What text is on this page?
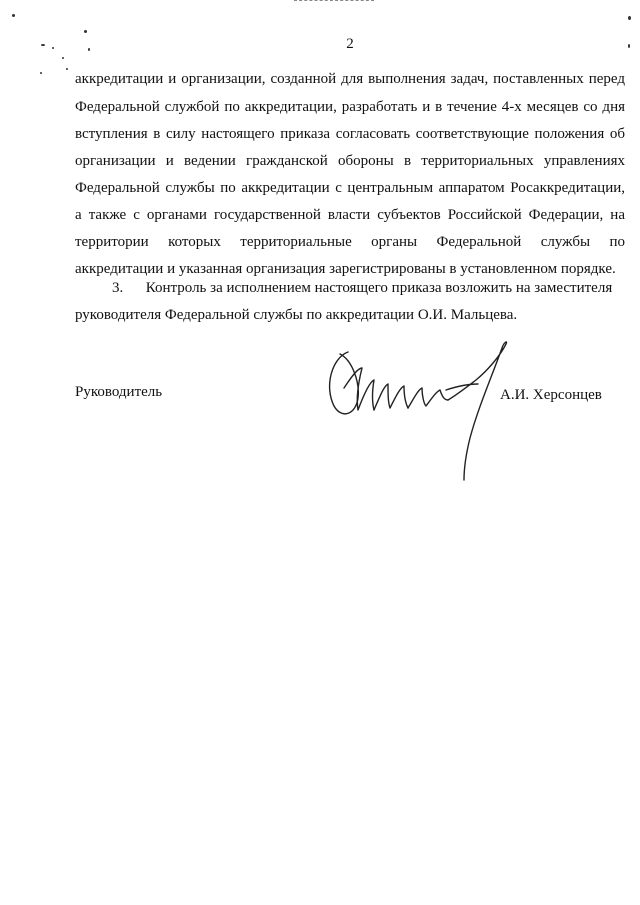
2
аккредитации и организации, созданной для выполнения задач, поставленных перед
Федеральной службой по аккредитации, разработать и в течение 4-х месяцев со дня
вступления в силу настоящего приказа согласовать соответствующие положения об
организации и ведении гражданской обороны в территориальных управлениях
Федеральной службы по аккредитации с центральным аппаратом Росаккредитации,
а также с органами государственной власти субъектов Российской Федерации, на
территории которых территориальные органы Федеральной службы по
аккредитации и указанная организация зарегистрированы в установленном порядке.
3.      Контроль за исполнением настоящего приказа возложить на заместителя
руководителя Федеральной службы по аккредитации О.И. Мальцева.
Руководитель	А.И. Херсонцев
